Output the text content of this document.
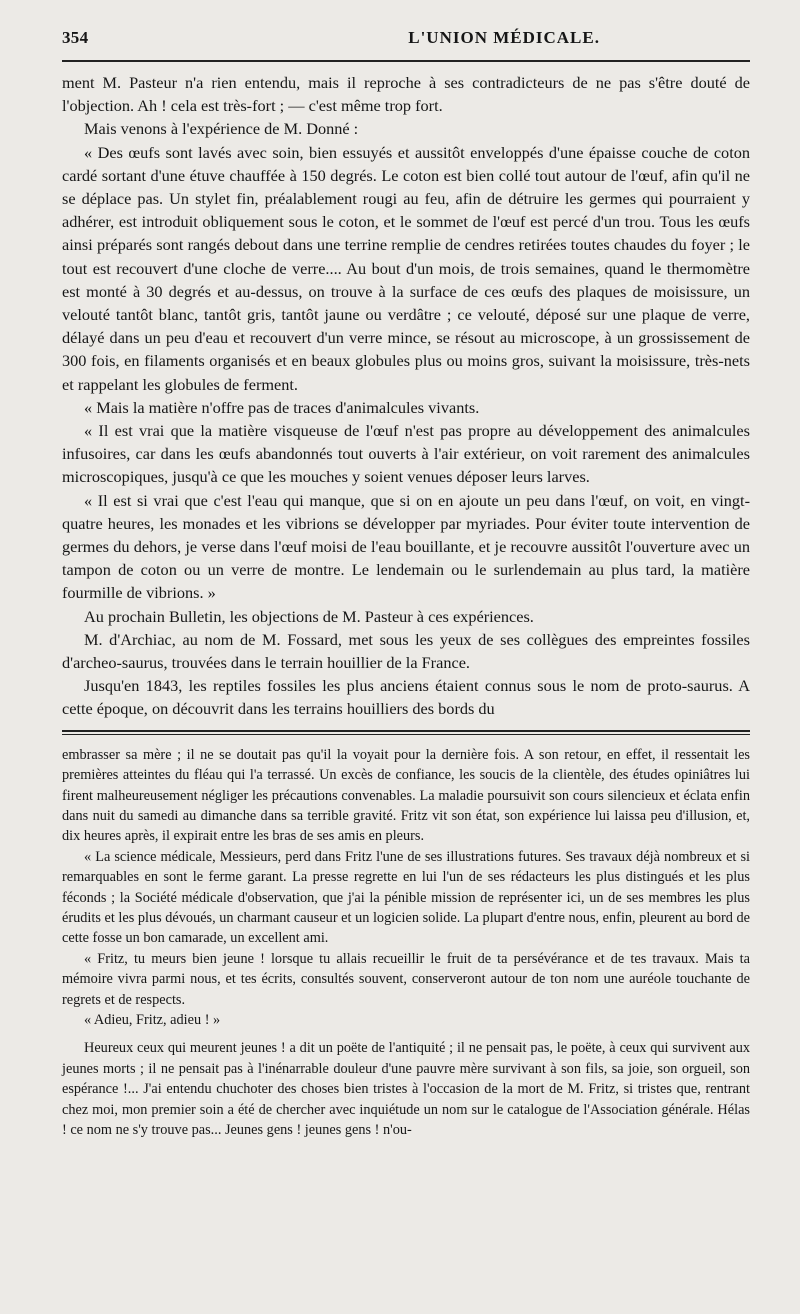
354	L'UNION MÉDICALE.

ment M. Pasteur n'a rien entendu, mais il reproche à ses contradicteurs de ne pas s'être douté de l'objection. Ah ! cela est très-fort ; — c'est même trop fort.

Mais venons à l'expérience de M. Donné :

« Des œufs sont lavés avec soin, bien essuyés et aussitôt enveloppés d'une épaisse couche de coton cardé sortant d'une étuve chauffée à 150 degrés. Le coton est bien collé tout autour de l'œuf, afin qu'il ne se déplace pas. Un stylet fin, préalablement rougi au feu, afin de détruire les germes qui pourraient y adhérer, est introduit obliquement sous le coton, et le sommet de l'œuf est percé d'un trou. Tous les œufs ainsi préparés sont rangés debout dans une terrine remplie de cendres retirées toutes chaudes du foyer ; le tout est recouvert d'une cloche de verre.... Au bout d'un mois, de trois semaines, quand le thermomètre est monté à 30 degrés et au-dessus, on trouve à la surface de ces œufs des plaques de moisissure, un velouté tantôt blanc, tantôt gris, tantôt jaune ou verdâtre ; ce velouté, déposé sur une plaque de verre, délayé dans un peu d'eau et recouvert d'un verre mince, se résout au microscope, à un grossissement de 300 fois, en filaments organisés et en beaux globules plus ou moins gros, suivant la moisissure, très-nets et rappelant les globules de ferment.

« Mais la matière n'offre pas de traces d'animalcules vivants.

« Il est vrai que la matière visqueuse de l'œuf n'est pas propre au développement des animalcules infusoires, car dans les œufs abandonnés tout ouverts à l'air extérieur, on voit rarement des animalcules microscopiques, jusqu'à ce que les mouches y soient venues déposer leurs larves.

« Il est si vrai que c'est l'eau qui manque, que si on en ajoute un peu dans l'œuf, on voit, en vingt-quatre heures, les monades et les vibrions se développer par myriades. Pour éviter toute intervention de germes du dehors, je verse dans l'œuf moisi de l'eau bouillante, et je recouvre aussitôt l'ouverture avec un tampon de coton ou un verre de montre. Le lendemain ou le surlendemain au plus tard, la matière fourmille de vibrions. »

Au prochain Bulletin, les objections de M. Pasteur à ces expériences.

M. d'Archiac, au nom de M. Fossard, met sous les yeux de ses collègues des empreintes fossiles d'archeo-saurus, trouvées dans le terrain houillier de la France.

Jusqu'en 1843, les reptiles fossiles les plus anciens étaient connus sous le nom de proto-saurus. A cette époque, on découvrit dans les terrains houilliers des bords du

embrasser sa mère ; il ne se doutait pas qu'il la voyait pour la dernière fois. A son retour, en effet, il ressentait les premières atteintes du fléau qui l'a terrassé. Un excès de confiance, les soucis de la clientèle, des études opiniâtres lui firent malheureusement négliger les précautions convenables. La maladie poursuivit son cours silencieux et éclata enfin dans nuit du samedi au dimanche dans sa terrible gravité. Fritz vit son état, son expérience lui laissa peu d'illusion, et, dix heures après, il expirait entre les bras de ses amis en pleurs.

« La science médicale, Messieurs, perd dans Fritz l'une de ses illustrations futures. Ses travaux déjà nombreux et si remarquables en sont le ferme garant. La presse regrette en lui l'un de ses rédacteurs les plus distingués et les plus féconds ; la Société médicale d'observation, que j'ai la pénible mission de représenter ici, un de ses membres les plus érudits et les plus dévoués, un charmant causeur et un logicien solide. La plupart d'entre nous, enfin, pleurent au bord de cette fosse un bon camarade, un excellent ami.

« Fritz, tu meurs bien jeune ! lorsque tu allais recueillir le fruit de ta persévérance et de tes travaux. Mais ta mémoire vivra parmi nous, et tes écrits, consultés souvent, conserveront autour de ton nom une auréole touchante de regrets et de respects.

« Adieu, Fritz, adieu ! »

Heureux ceux qui meurent jeunes ! a dit un poëte de l'antiquité ; il ne pensait pas, le poëte, à ceux qui survivent aux jeunes morts ; il ne pensait pas à l'inénarrable douleur d'une pauvre mère survivant à son fils, sa joie, son orgueil, son espérance !... J'ai entendu chuchoter des choses bien tristes à l'occasion de la mort de M. Fritz, si tristes que, rentrant chez moi, mon premier soin a été de chercher avec inquiétude un nom sur le catalogue de l'Association générale. Hélas ! ce nom ne s'y trouve pas... Jeunes gens ! jeunes gens ! n'ou-
